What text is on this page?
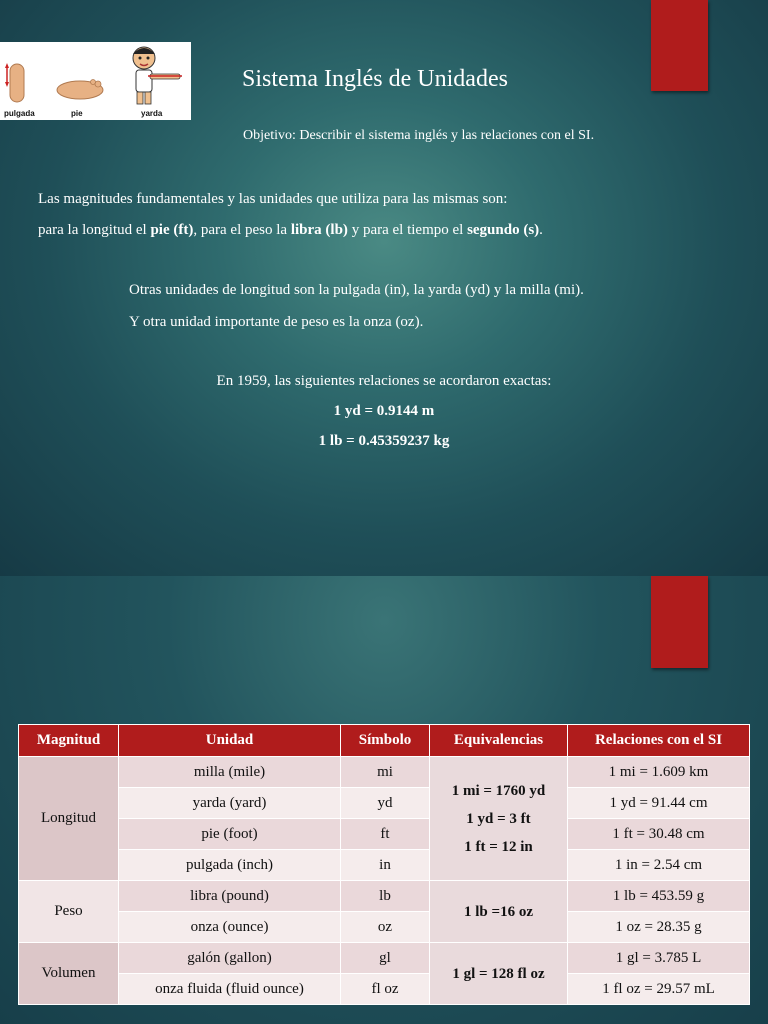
pulgada	pie	yarda
Sistema Inglés de Unidades
Objetivo: Describir el sistema inglés y las relaciones con el SI.
Las magnitudes fundamentales y las unidades que utiliza para las mismas son:
para la longitud el pie (ft), para el peso la libra (lb) y para el tiempo el segundo (s).
Otras unidades de longitud son la pulgada (in), la yarda (yd) y la milla (mi).
Y otra unidad importante de peso es la onza (oz).
En 1959, las siguientes relaciones se acordaron exactas:
1 yd = 0.9144 m
1 lb = 0.45359237 kg
Magnitud	Unidad	Símbolo	Equivalencias	Relaciones con el SI
Longitud	milla (mile)	mi	1 mi = 1760 yd
1 yd = 3 ft
1 ft = 12 in	1 mi = 1.609 km
	yarda (yard)	yd		1 yd = 91.44 cm
	pie (foot)	ft		1 ft = 30.48 cm
	pulgada (inch)	in		1 in = 2.54 cm
Peso	libra (pound)	lb	1 lb =16 oz	1 lb = 453.59 g
	onza (ounce)	oz		1 oz = 28.35 g
Volumen	galón (gallon)	gl	1 gl = 128 fl oz	1 gl = 3.785 L
	onza fluida (fluid ounce)	fl oz		1 fl oz = 29.57 mL
